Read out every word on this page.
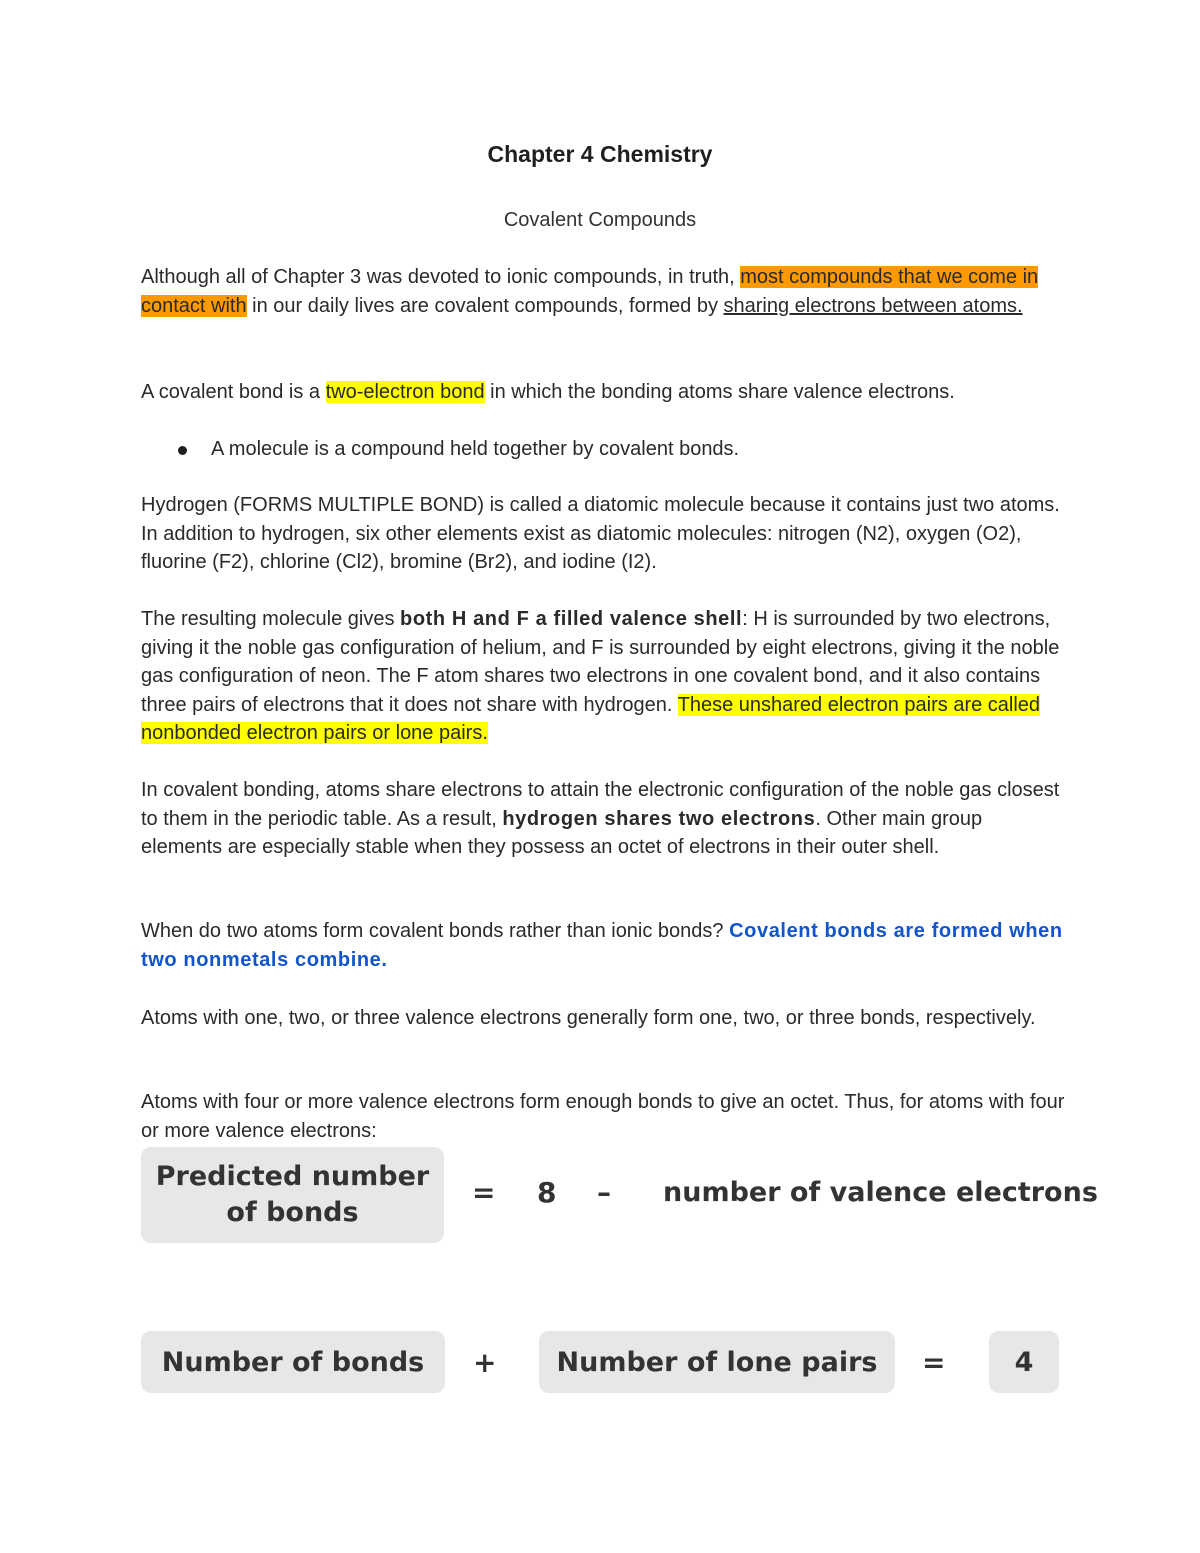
Chapter 4 Chemistry
Covalent Compounds

Although all of Chapter 3 was devoted to ionic compounds, in truth, most compounds that we come in contact with in our daily lives are covalent compounds, formed by sharing electrons between atoms.

A covalent bond is a two-electron bond in which the bonding atoms share valence electrons.

A molecule is a compound held together by covalent bonds.

Hydrogen (FORMS MULTIPLE BOND) is called a diatomic molecule because it contains just two atoms. In addition to hydrogen, six other elements exist as diatomic molecules: nitrogen (N2), oxygen (O2), fluorine (F2), chlorine (Cl2), bromine (Br2), and iodine (I2).

The resulting molecule gives both H and F a filled valence shell: H is surrounded by two electrons, giving it the noble gas configuration of helium, and F is surrounded by eight electrons, giving it the noble gas configuration of neon. The F atom shares two electrons in one covalent bond, and it also contains three pairs of electrons that it does not share with hydrogen. These unshared electron pairs are called nonbonded electron pairs or lone pairs.

In covalent bonding, atoms share electrons to attain the electronic configuration of the noble gas closest to them in the periodic table. As a result, hydrogen shares two electrons. Other main group elements are especially stable when they possess an octet of electrons in their outer shell.

When do two atoms form covalent bonds rather than ionic bonds? Covalent bonds are formed when two nonmetals combine.

Atoms with one, two, or three valence electrons generally form one, two, or three bonds, respectively.

Atoms with four or more valence electrons form enough bonds to give an octet. Thus, for atoms with four or more valence electrons:

Predicted number of bonds
= 8 – number of valence electrons
Number of bonds	+	Number of lone pairs	=	4
